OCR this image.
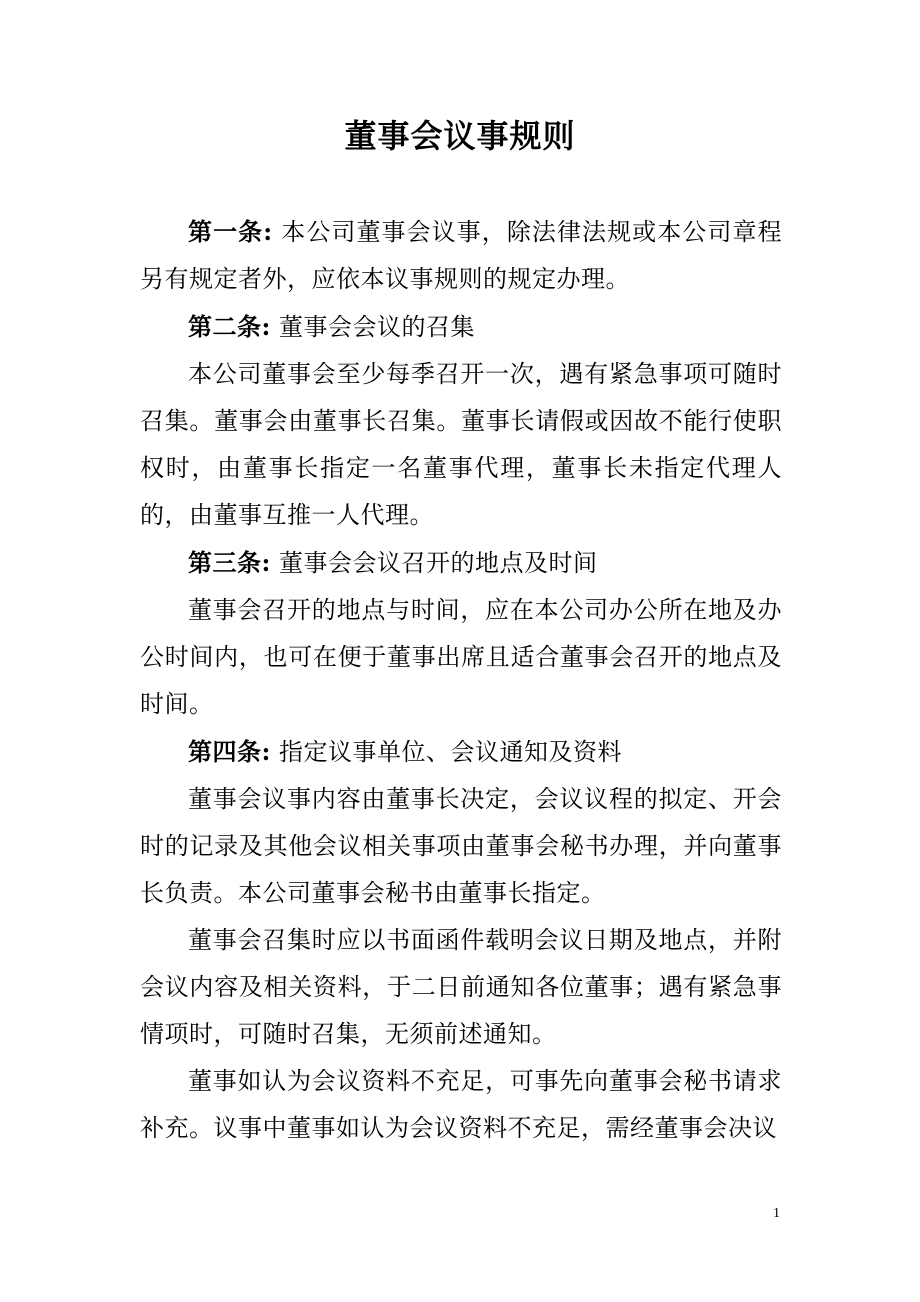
董事会议事规则

第一条: 本公司董事会议事，除法律法规或本公司章程另有规定者外，应依本议事规则的规定办理。

第二条: 董事会会议的召集

本公司董事会至少每季召开一次，遇有紧急事项可随时召集。董事会由董事长召集。董事长请假或因故不能行使职权时，由董事长指定一名董事代理，董事长未指定代理人的，由董事互推一人代理。

第三条: 董事会会议召开的地点及时间

董事会召开的地点与时间，应在本公司办公所在地及办公时间内，也可在便于董事出席且适合董事会召开的地点及时间。

第四条: 指定议事单位、会议通知及资料

董事会议事内容由董事长决定，会议议程的拟定、开会时的记录及其他会议相关事项由董事会秘书办理，并向董事长负责。本公司董事会秘书由董事长指定。

董事会召集时应以书面函件载明会议日期及地点，并附会议内容及相关资料，于二日前通知各位董事；遇有紧急事情项时，可随时召集，无须前述通知。

董事如认为会议资料不充足，可事先向董事会秘书请求补充。议事中董事如认为会议资料不充足，需经董事会决议

1
